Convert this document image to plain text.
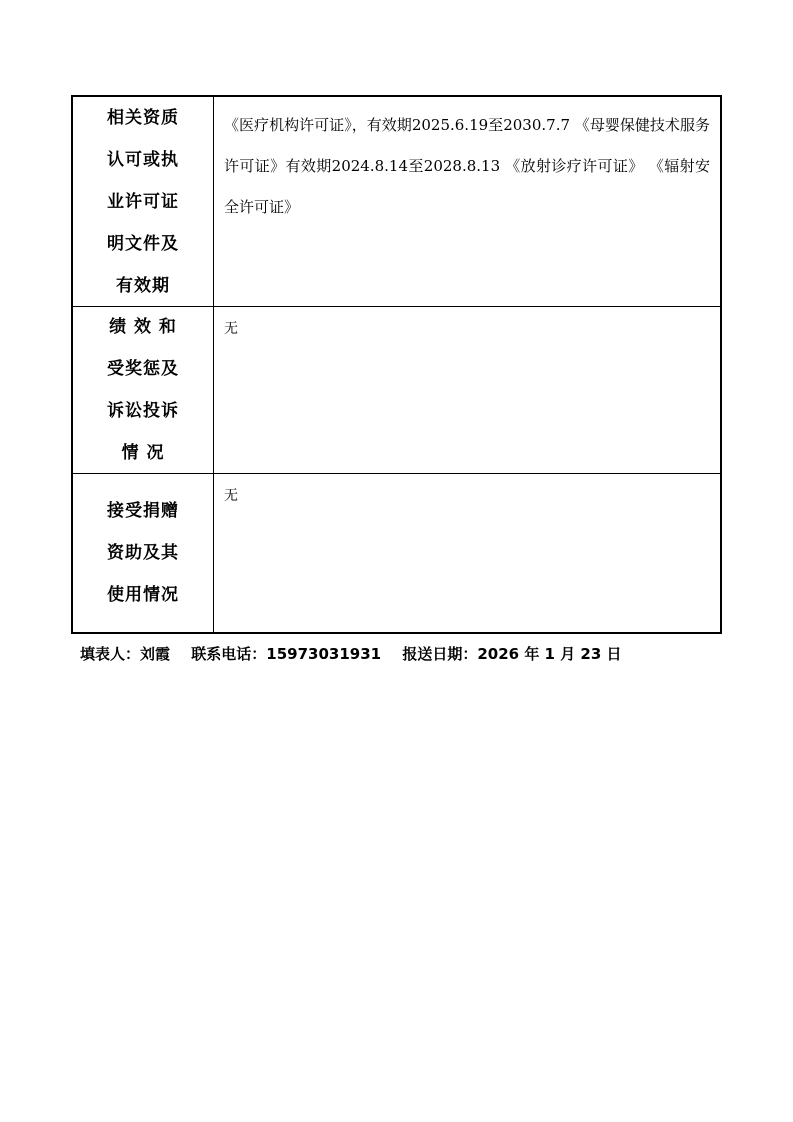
相关资质
认可或执
业许可证
明文件及
有效期	《医疗机构许可证》，有效期2025.6.19至2030.7.7 《母婴保健技术服务许可证》有效期2024.8.14至2028.8.13 《放射诊疗许可证》 《辐射安全许可证》

绩 效 和
受奖惩及
诉讼投诉
情 况	无

接受捐赠
资助及其
使用情况	无
填表人：刘霞 联系电话：15973031931 报送日期：2026 年 1 月 23 日
